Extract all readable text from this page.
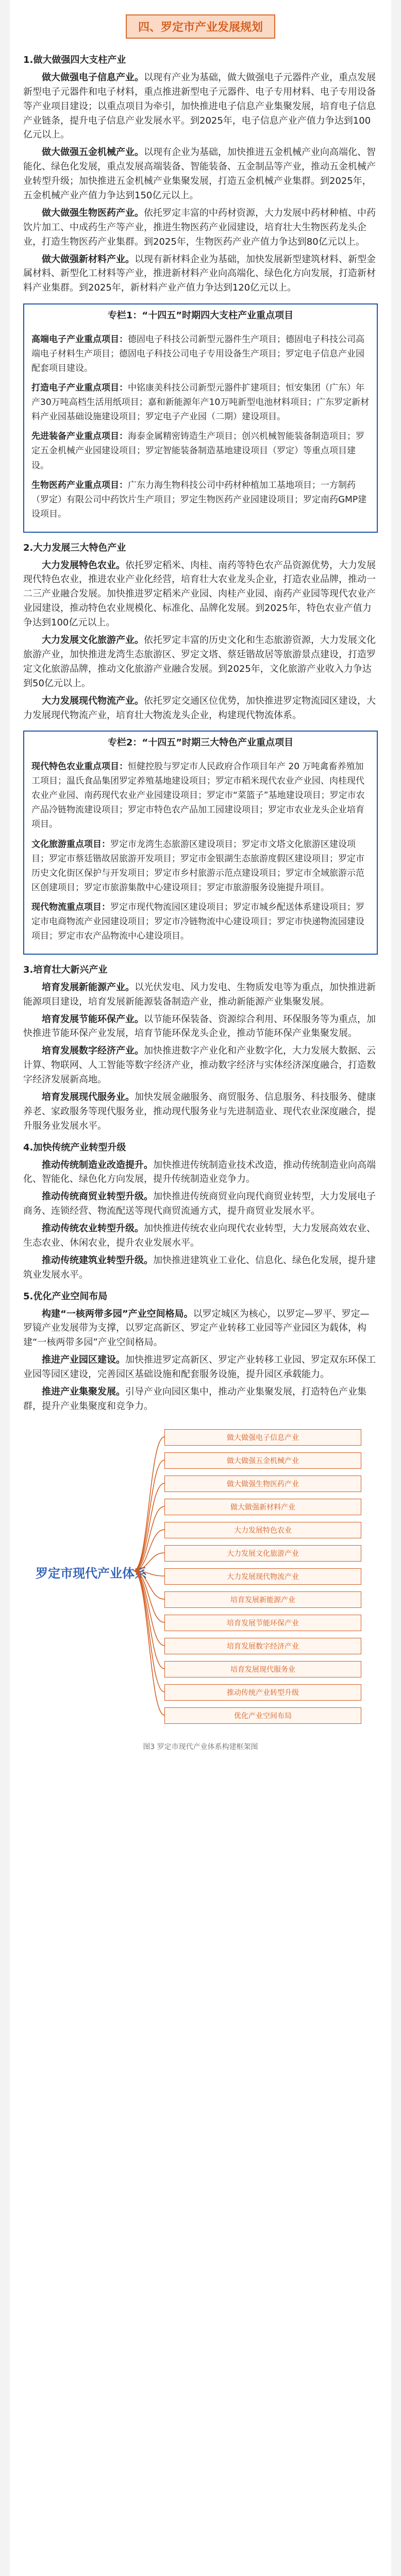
四、罗定市产业发展规划
1.做大做强四大支柱产业

做大做强电子信息产业。以现有产业为基础，做大做强电子元器件产业，重点发展新型电子元器件和电子材料，重点推进新型电子元器件、电子专用材料、电子专用设备等产业项目建设；以重点项目为牵引，加快推进电子信息产业集聚发展，培育电子信息产业链条，提升电子信息产业发展水平。到2025年，电子信息产业产值力争达到100亿元以上。

做大做强五金机械产业。以现有企业为基础，加快推进五金机械产业向高端化、智能化、绿色化发展，重点发展高端装备、智能装备、五金制品等产业，推动五金机械产业转型升级；加快推进五金机械产业集聚发展，打造五金机械产业集群。到2025年，五金机械产业产值力争达到150亿元以上。

做大做强生物医药产业。依托罗定丰富的中药材资源，大力发展中药材种植、中药饮片加工、中成药生产等产业，推进生物医药产业园建设，培育壮大生物医药龙头企业，打造生物医药产业集群。到2025年，生物医药产业产值力争达到80亿元以上。

做大做强新材料产业。以现有新材料企业为基础，加快发展新型建筑材料、新型金属材料、新型化工材料等产业，推进新材料产业向高端化、绿色化方向发展，打造新材料产业集群。到2025年，新材料产业产值力争达到120亿元以上。

专栏1：“十四五”时期四大支柱产业重点项目
高端电子产业重点项目：德固电子科技公司新型元器件生产项目；德固电子科技公司高端电子材料生产项目；德固电子科技公司电子专用设备生产项目；罗定电子信息产业园配套项目建设。
打造电子产业重点项目：中铭康美科技公司新型元器件扩建项目；恒安集团（广东）年产30万吨高档生活用纸项目；嘉和新能源年产10万吨新型电池材料项目；广东罗定新材料产业园基础设施建设项目；罗定电子产业园（二期）建设项目。
先进装备产业重点项目：海泰金属精密铸造生产项目；创兴机械智能装备制造项目；罗定五金机械产业园建设项目；罗定智能装备制造基地建设项目（罗定）等重点项目建设。
生物医药产业重点项目：广东力海生物科技公司中药材种植加工基地项目；一方制药（罗定）有限公司中药饮片生产项目；罗定生物医药产业园建设项目；罗定南药GMP建设项目。
2.大力发展三大特色产业

大力发展特色农业。依托罗定稻米、肉桂、南药等特色农产品资源优势，大力发展现代特色农业，推进农业产业化经营，培育壮大农业龙头企业，打造农业品牌，推动一二三产业融合发展。加快推进罗定稻米产业园、肉桂产业园、南药产业园等现代农业产业园建设，推动特色农业规模化、标准化、品牌化发展。到2025年，特色农业产值力争达到100亿元以上。

大力发展文化旅游产业。依托罗定丰富的历史文化和生态旅游资源，大力发展文化旅游产业，加快推进龙湾生态旅游区、罗定文塔、蔡廷锴故居等旅游景点建设，打造罗定文化旅游品牌，推动文化旅游产业融合发展。到2025年，文化旅游产业收入力争达到50亿元以上。

大力发展现代物流产业。依托罗定交通区位优势，加快推进罗定物流园区建设，大力发展现代物流产业，培育壮大物流龙头企业，构建现代物流体系。

专栏2：“十四五”时期三大特色产业重点项目
现代特色农业重点项目：恒健控股与罗定市人民政府合作项目年产 20 万吨禽畜养殖加工项目；温氏食品集团罗定养殖基地建设项目；罗定市稻米现代农业产业园、肉桂现代农业产业园、南药现代农业产业园建设项目；罗定市“菜篮子”基地建设项目；罗定市农产品冷链物流建设项目；罗定市特色农产品加工园建设项目；罗定市农业龙头企业培育项目。
文化旅游重点项目：罗定市龙湾生态旅游区建设项目；罗定市文塔文化旅游区建设项目；罗定市蔡廷锴故居旅游开发项目；罗定市金银湖生态旅游度假区建设项目；罗定市历史文化街区保护与开发项目；罗定市乡村旅游示范点建设项目；罗定市全域旅游示范区创建项目；罗定市旅游集散中心建设项目；罗定市旅游服务设施提升项目。
现代物流重点项目：罗定市现代物流园区建设项目；罗定市城乡配送体系建设项目；罗定市电商物流产业园建设项目；罗定市冷链物流中心建设项目；罗定市快递物流园建设项目；罗定市农产品物流中心建设项目。
3.培育壮大新兴产业

培育发展新能源产业。以光伏发电、风力发电、生物质发电等为重点，加快推进新能源项目建设，培育发展新能源装备制造产业，推动新能源产业集聚发展。

培育发展节能环保产业。以节能环保装备、资源综合利用、环保服务等为重点，加快推进节能环保产业发展，培育节能环保龙头企业，推动节能环保产业集聚发展。

培育发展数字经济产业。加快推进数字产业化和产业数字化，大力发展大数据、云计算、物联网、人工智能等数字经济产业，推动数字经济与实体经济深度融合，打造数字经济发展新高地。

培育发展现代服务业。加快发展金融服务、商贸服务、信息服务、科技服务、健康养老、家政服务等现代服务业，推动现代服务业与先进制造业、现代农业深度融合，提升服务业发展水平。

4.加快传统产业转型升级

推动传统制造业改造提升。加快推进传统制造业技术改造，推动传统制造业向高端化、智能化、绿色化方向发展，提升传统制造业竞争力。

推动传统商贸业转型升级。加快推进传统商贸业向现代商贸业转型，大力发展电子商务、连锁经营、物流配送等现代商贸流通方式，提升商贸业发展水平。

推动传统农业转型升级。加快推进传统农业向现代农业转型，大力发展高效农业、生态农业、休闲农业，提升农业发展水平。

推动传统建筑业转型升级。加快推进建筑业工业化、信息化、绿色化发展，提升建筑业发展水平。

5.优化产业空间布局

构建“一核两带多园”产业空间格局。以罗定城区为核心，以罗定—罗平、罗定—罗镜产业发展带为支撑，以罗定高新区、罗定产业转移工业园等产业园区为载体，构建“一核两带多园”产业空间格局。

推进产业园区建设。加快推进罗定高新区、罗定产业转移工业园、罗定双东环保工业园等园区建设，完善园区基础设施和配套服务设施，提升园区承载能力。

推进产业集聚发展。引导产业向园区集中，推动产业集聚发展，打造特色产业集群，提升产业集聚度和竞争力。

罗定市现代产业体系
做大做强电子信息产业
做大做强五金机械产业
做大做强生物医药产业
做大做强新材料产业
大力发展特色农业
大力发展文化旅游产业
大力发展现代物流产业
培育发展新能源产业
培育发展节能环保产业
培育发展数字经济产业
培育发展现代服务业
推动传统产业转型升级
优化产业空间布局
图3 罗定市现代产业体系构建框架图
